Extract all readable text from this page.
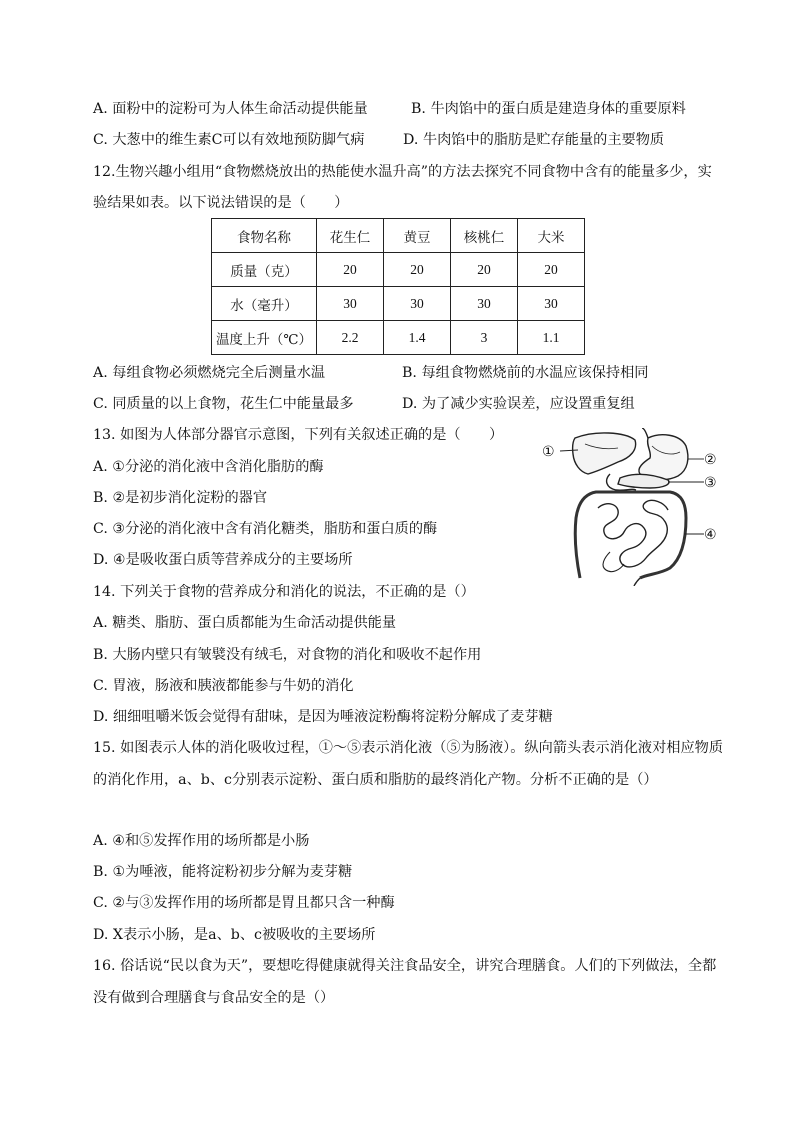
A. 面粉中的淀粉可为人体生命活动提供能量	B. 牛肉馅中的蛋白质是建造身体的重要原料
C. 大葱中的维生素C可以有效地预防脚气病	D. 牛肉馅中的脂肪是贮存能量的主要物质
12.生物兴趣小组用“食物燃烧放出的热能使水温升高”的方法去探究不同食物中含有的能量多少，实
验结果如表。以下说法错误的是（　　）
食物名称	花生仁	黄豆	核桃仁	大米
质量（克）	20	20	20	20
水（毫升）	30	30	30	30
温度上升（℃）	2.2	1.4	3	1.1
A. 每组食物必须燃烧完全后测量水温	B. 每组食物燃烧前的水温应该保持相同
C. 同质量的以上食物，花生仁中能量最多	D. 为了减少实验误差，应设置重复组
13. 如图为人体部分器官示意图，下列有关叙述正确的是（　　）
A. ①分泌的消化液中含消化脂肪的酶
B. ②是初步消化淀粉的器官
C. ③分泌的消化液中含有消化糖类，脂肪和蛋白质的酶
D. ④是吸收蛋白质等营养成分的主要场所
①	②
③
④
14. 下列关于食物的营养成分和消化的说法，不正确的是（）
A. 糖类、脂肪、蛋白质都能为生命活动提供能量
B. 大肠内壁只有皱襞没有绒毛，对食物的消化和吸收不起作用
C. 胃液，肠液和胰液都能参与牛奶的消化
D. 细细咀嚼米饭会觉得有甜味，是因为唾液淀粉酶将淀粉分解成了麦芽糖
15. 如图表示人体的消化吸收过程，①～⑤表示消化液（⑤为肠液）。纵向箭头表示消化液对相应物质
的消化作用，a、b、c分别表示淀粉、蛋白质和脂肪的最终消化产物。分析不正确的是（）
A. ④和⑤发挥作用的场所都是小肠
B. ①为唾液，能将淀粉初步分解为麦芽糖
C. ②与③发挥作用的场所都是胃且都只含一种酶
D. X表示小肠，是a、b、c被吸收的主要场所
16. 俗话说“民以食为天”，要想吃得健康就得关注食品安全，讲究合理膳食。人们的下列做法，全都
没有做到合理膳食与食品安全的是（）
